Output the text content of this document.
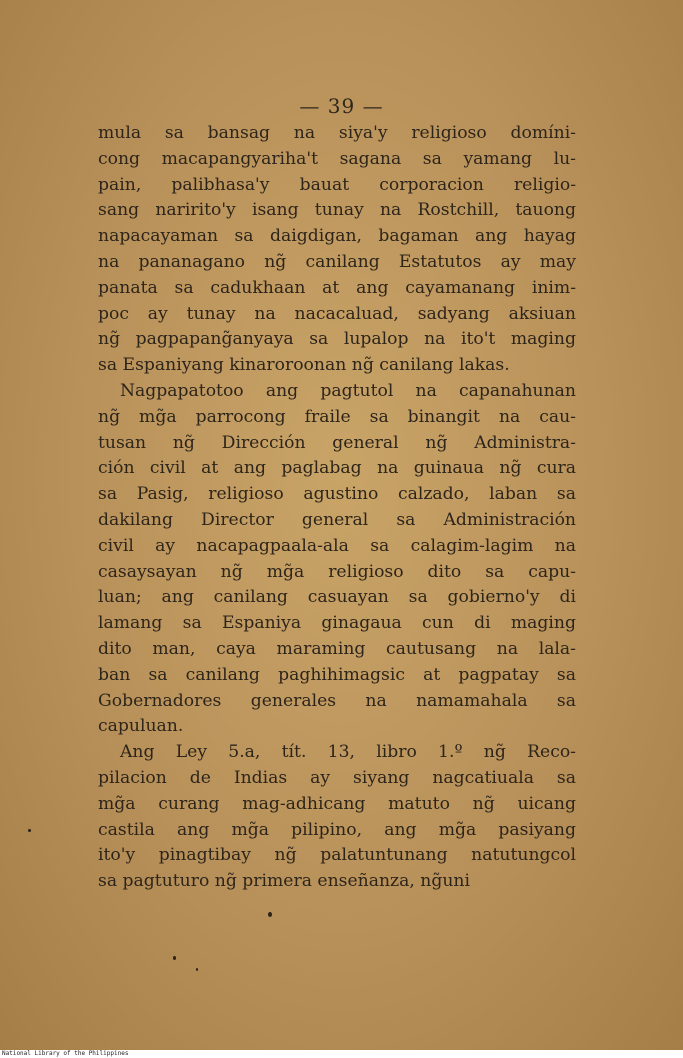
— 39 —
mula sa bansag na siya'y religioso domíni-
cong macapangyariha't sagana sa yamang lu-
pain, palibhasa'y bauat corporacion religio-
sang naririto'y isang tunay na Rostchill, tauong
napacayaman sa daigdigan, bagaman ang hayag
na pananagano ng̃ canilang Estatutos ay may
panata sa cadukhaan at ang cayamanang inim-
poc ay tunay na nacacaluad, sadyang aksiuan
ng̃ pagpapang̃anyaya sa lupalop na ito't maging
sa Espaniyang kinaroroonan ng̃ canilang lakas.
Nagpapatotoo ang pagtutol na capanahunan
ng̃ mg̃a parrocong fraile sa binangit na cau-
tusan ng̃ Dirección general ng̃ Administra-
ción civil at ang paglabag na guinaua ng̃ cura
sa Pasig, religioso agustino calzado, laban sa
dakilang Director general sa Administración
civil ay nacapagpaala-ala sa calagim-lagim na
casaysayan ng̃ mg̃a religioso dito sa capu-
luan; ang canilang casuayan sa gobierno'y di
lamang sa Espaniya ginagaua cun di maging
dito man, caya maraming cautusang na lala-
ban sa canilang paghihimagsic at pagpatay sa
Gobernadores generales na namamahala sa
capuluan.
Ang Ley 5.a, tít. 13, libro 1.º ng̃ Reco-
pilacion de Indias ay siyang nagcatiuala sa
mg̃a curang mag-adhicang matuto ng̃ uicang
castila ang mg̃a pilipino, ang mg̃a pasiyang
ito'y pinagtibay ng̃ palatuntunang natutungcol
sa pagtuturo ng̃ primera enseñanza, ng̃uni
National Library of the Philippines
